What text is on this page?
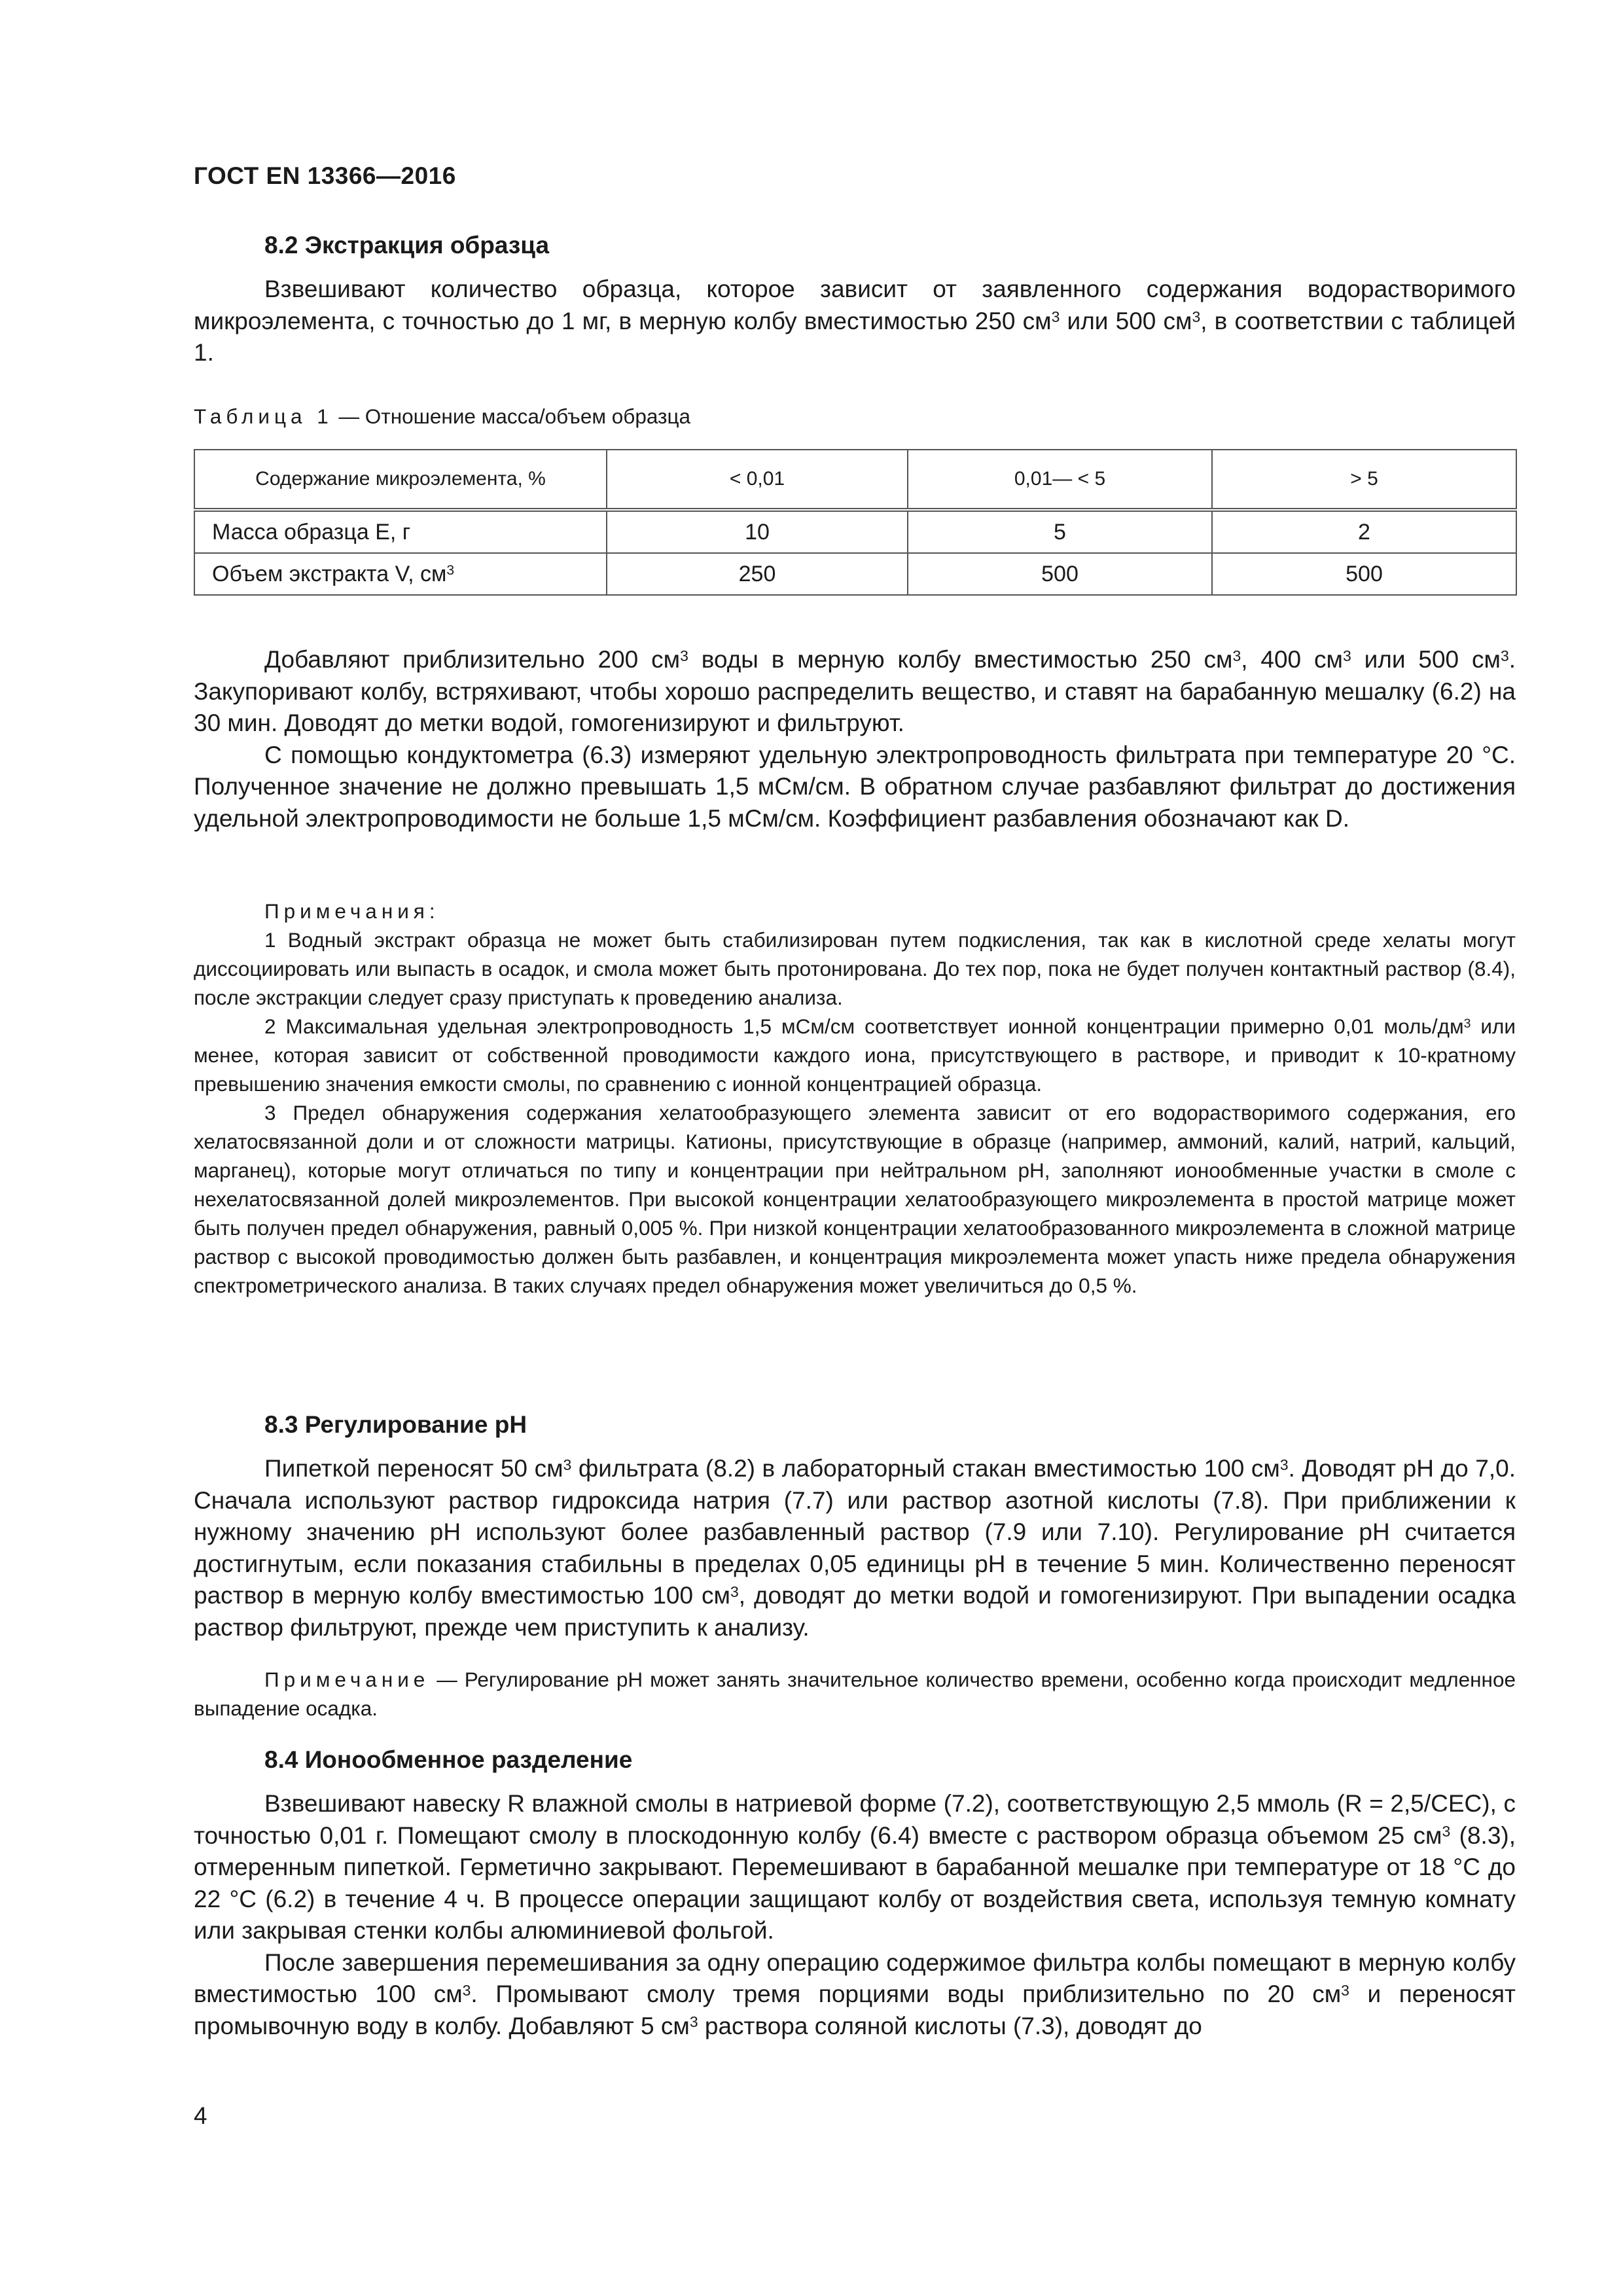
ГОСТ EN 13366—2016
8.2 Экстракция образца

Взвешивают количество образца, которое зависит от заявленного содержания водорастворимого микроэлемента, с точностью до 1 мг, в мерную колбу вместимостью 250 $см^3$ или 500 $см^3$, в соответствии с таблицей 1.

Таблица 1 — Отношение масса/объем образца
Содержание микроэлемента, %	< 0,01	0,01— < 5	> 5
Масса образца E, г	10	5	2
Объем экстракта V, $см^3$	250	500	500

Добавляют приблизительно 200 $см^3$ воды в мерную колбу вместимостью 250 $см^3$, 400 $см^3$ или 500 $см^3$. Закупоривают колбу, встряхивают, чтобы хорошо распределить вещество, и ставят на барабанную мешалку (6.2) на 30 мин. Доводят до метки водой, гомогенизируют и фильтруют.

С помощью кондуктометра (6.3) измеряют удельную электропроводность фильтрата при температуре 20 °С. Полученное значение не должно превышать 1,5 мСм/см. В обратном случае разбавляют фильтрат до достижения удельной электропроводимости не больше 1,5 мСм/см. Коэффициент разбавления обозначают как D.

Примечания:

1 Водный экстракт образца не может быть стабилизирован путем подкисления, так как в кислотной среде хелаты могут диссоциировать или выпасть в осадок, и смола может быть протонирована. До тех пор, пока не будет получен контактный раствор (8.4), после экстракции следует сразу приступать к проведению анализа.

2 Максимальная удельная электропроводность 1,5 мСм/см соответствует ионной концентрации примерно 0,01 моль/$дм^3$ или менее, которая зависит от собственной проводимости каждого иона, присутствующего в растворе, и приводит к 10-кратному превышению значения емкости смолы, по сравнению с ионной концентрацией образца.

3 Предел обнаружения содержания хелатообразующего элемента зависит от его водорастворимого содержания, его хелатосвязанной доли и от сложности матрицы. Катионы, присутствующие в образце (например, аммоний, калий, натрий, кальций, марганец), которые могут отличаться по типу и концентрации при нейтральном рН, заполняют ионообменные участки в смоле с нехелатосвязанной долей микроэлементов. При высокой концентрации хелатообразующего микроэлемента в простой матрице может быть получен предел обнаружения, равный 0,005 %. При низкой концентрации хелатообразованного микроэлемента в сложной матрице раствор с высокой проводимостью должен быть разбавлен, и концентрация микроэлемента может упасть ниже предела обнаружения спектрометрического анализа. В таких случаях предел обнаружения может увеличиться до 0,5 %.

8.3 Регулирование рН

Пипеткой переносят 50 $см^3$ фильтрата (8.2) в лабораторный стакан вместимостью 100 $см^3$. Доводят рН до 7,0. Сначала используют раствор гидроксида натрия (7.7) или раствор азотной кислоты (7.8). При приближении к нужному значению рН используют более разбавленный раствор (7.9 или 7.10). Регулирование рН считается достигнутым, если показания стабильны в пределах 0,05 единицы рН в течение 5 мин. Количественно переносят раствор в мерную колбу вместимостью 100 $см^3$, доводят до метки водой и гомогенизируют. При выпадении осадка раствор фильтруют, прежде чем приступить к анализу.

Примечание — Регулирование рН может занять значительное количество времени, особенно когда происходит медленное выпадение осадка.

8.4 Ионообменное разделение

Взвешивают навеску R влажной смолы в натриевой форме (7.2), соответствующую 2,5 ммоль (R = 2,5/CEC), с точностью 0,01 г. Помещают смолу в плоскодонную колбу (6.4) вместе с раствором образца объемом 25 $см^3$ (8.3), отмеренным пипеткой. Герметично закрывают. Перемешивают в барабанной мешалке при температуре от 18 °С до 22 °С (6.2) в течение 4 ч. В процессе операции защищают колбу от воздействия света, используя темную комнату или закрывая стенки колбы алюминиевой фольгой.

После завершения перемешивания за одну операцию содержимое фильтра колбы помещают в мерную колбу вместимостью 100 $см^3$. Промывают смолу тремя порциями воды приблизительно по 20 $см^3$ и переносят промывочную воду в колбу. Добавляют 5 $см^3$ раствора соляной кислоты (7.3), доводят до

4
